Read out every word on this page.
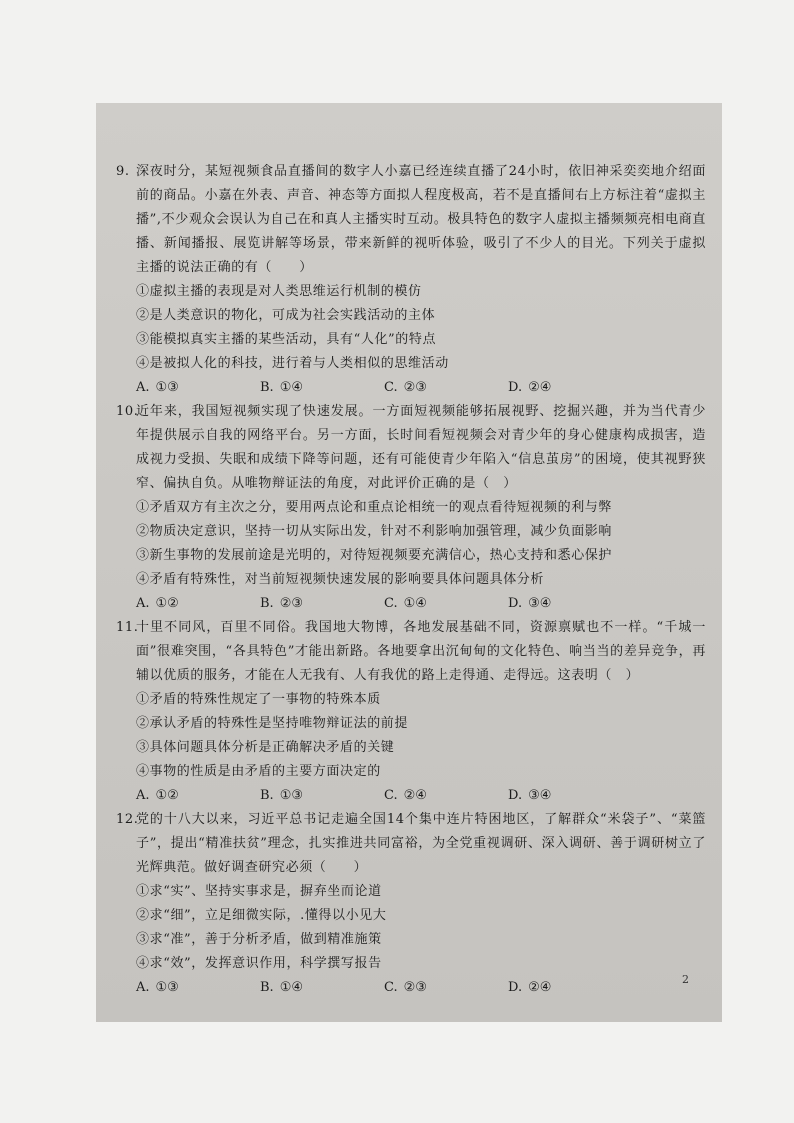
9. 深夜时分，某短视频食品直播间的数字人小嘉已经连续直播了24小时，依旧神采奕奕地介绍面前的商品。小嘉在外表、声音、神态等方面拟人程度极高，若不是直播间右上方标注着“虚拟主播”,不少观众会误认为自己在和真人主播实时互动。极具特色的数字人虚拟主播频频亮相电商直播、新闻播报、展览讲解等场景，带来新鲜的视听体验，吸引了不少人的目光。下列关于虚拟主播的说法正确的有（　　）
①虚拟主播的表现是对人类思维运行机制的模仿
②是人类意识的物化，可成为社会实践活动的主体
③能模拟真实主播的某些活动，具有“人化”的特点
④是被拟人化的科技，进行着与人类相似的思维活动
A. ①③	B. ①④	C. ②③	D. ②④
10.
近年来，我国短视频实现了快速发展。一方面短视频能够拓展视野、挖掘兴趣，并为当代青少年提供展示自我的网络平台。另一方面，长时间看短视频会对青少年的身心健康构成损害，造成视力受损、失眠和成绩下降等问题，还有可能使青少年陷入“信息茧房”的困境，使其视野狭窄、偏执自负。从唯物辩证法的角度，对此评价正确的是（　）
①矛盾双方有主次之分，要用两点论和重点论相统一的观点看待短视频的利与弊
②物质决定意识，坚持一切从实际出发，针对不利影响加强管理，减少负面影响
③新生事物的发展前途是光明的，对待短视频要充满信心，热心支持和悉心保护
④矛盾有特殊性，对当前短视频快速发展的影响要具体问题具体分析
A. ①②	B. ②③	C. ①④	D. ③④
11.
十里不同风，百里不同俗。我国地大物博，各地发展基础不同，资源禀赋也不一样。“千城一面”很难突围，“各具特色”才能出新路。各地要拿出沉甸甸的文化特色、响当当的差异竞争，再辅以优质的服务，才能在人无我有、人有我优的路上走得通、走得远。这表明（　）
①矛盾的特殊性规定了一事物的特殊本质
②承认矛盾的特殊性是坚持唯物辩证法的前提
③具体问题具体分析是正确解决矛盾的关键
④事物的性质是由矛盾的主要方面决定的
A. ①②	B. ①③	C. ②④	D. ③④
12.
党的十八大以来，习近平总书记走遍全国14个集中连片特困地区，了解群众“米袋子”、“菜篮子”，提出“精准扶贫”理念，扎实推进共同富裕，为全党重视调研、深入调研、善于调研树立了光辉典范。做好调查研究必须（　　）
①求“实”、坚持实事求是，摒弃坐而论道
②求“细”，立足细微实际，.懂得以小见大
③求“准”，善于分析矛盾，做到精准施策
④求“效”，发挥意识作用，科学撰写报告
A. ①③	B. ①④	C. ②③	D. ②④
2
